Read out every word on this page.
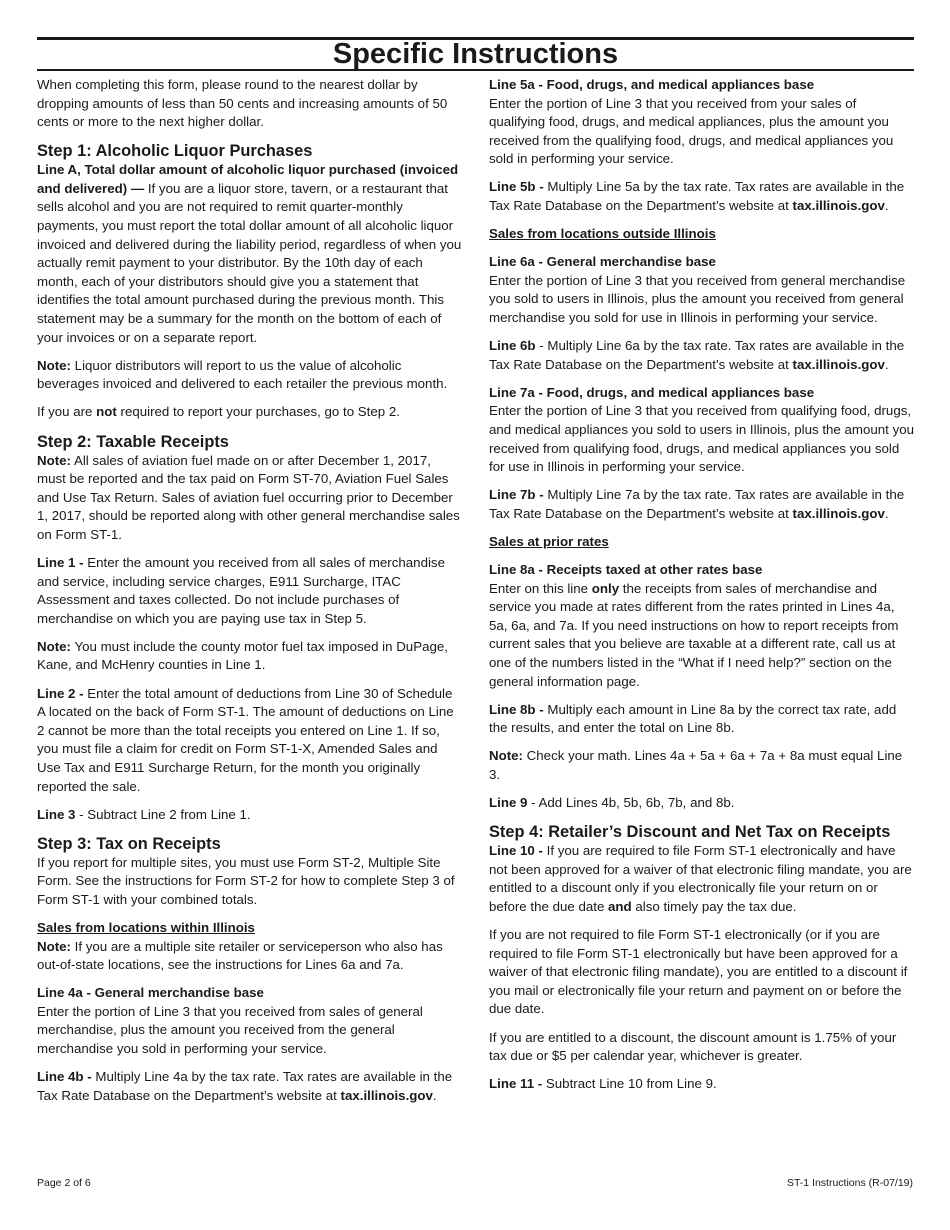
Specific Instructions

When completing this form, please round to the nearest dollar by dropping amounts of less than 50 cents and increasing amounts of 50 cents or more to the next higher dollar.

Step 1: Alcoholic Liquor Purchases

Line A, Total dollar amount of alcoholic liquor purchased (invoiced and delivered) — If you are a liquor store, tavern, or a restaurant that sells alcohol and you are not required to remit quarter-monthly payments, you must report the total dollar amount of all alcoholic liquor invoiced and delivered during the liability period, regardless of when you actually remit payment to your distributor. By the 10th day of each month, each of your distributors should give you a statement that identifies the total amount purchased during the previous month. This statement may be a summary for the month on the bottom of each of your invoices or on a separate report.

Note: Liquor distributors will report to us the value of alcoholic beverages invoiced and delivered to each retailer the previous month.

If you are not required to report your purchases, go to Step 2.

Step 2: Taxable Receipts

Note: All sales of aviation fuel made on or after December 1, 2017, must be reported and the tax paid on Form ST-70, Aviation Fuel Sales and Use Tax Return. Sales of aviation fuel occurring prior to December 1, 2017, should be reported along with other general merchandise sales on Form ST-1.

Line 1 - Enter the amount you received from all sales of merchandise and service, including service charges, E911 Surcharge, ITAC Assessment and taxes collected. Do not include purchases of merchandise on which you are paying use tax in Step 5.

Note: You must include the county motor fuel tax imposed in DuPage, Kane, and McHenry counties in Line 1.

Line 2 - Enter the total amount of deductions from Line 30 of Schedule A located on the back of Form ST-1. The amount of deductions on Line 2 cannot be more than the total receipts you entered on Line 1. If so, you must file a claim for credit on Form ST-1-X, Amended Sales and Use Tax and E911 Surcharge Return, for the month you originally reported the sale.

Line 3 - Subtract Line 2 from Line 1.

Step 3: Tax on Receipts

If you report for multiple sites, you must use Form ST-2, Multiple Site Form. See the instructions for Form ST-2 for how to complete Step 3 of Form ST-1 with your combined totals.

Sales from locations within Illinois

Note: If you are a multiple site retailer or serviceperson who also has out-of-state locations, see the instructions for Lines 6a and 7a.

Line 4a - General merchandise base

Enter the portion of Line 3 that you received from sales of general merchandise, plus the amount you received from the general merchandise you sold in performing your service.

Line 4b - Multiply Line 4a by the tax rate. Tax rates are available in the Tax Rate Database on the Department’s website at tax.illinois.gov.

Line 5a - Food, drugs, and medical appliances base

Enter the portion of Line 3 that you received from your sales of qualifying food, drugs, and medical appliances, plus the amount you received from the qualifying food, drugs, and medical appliances you sold in performing your service.

Line 5b - Multiply Line 5a by the tax rate. Tax rates are available in the Tax Rate Database on the Department’s website at tax.illinois.gov.

Sales from locations outside Illinois
Line 6a - General merchandise base

Enter the portion of Line 3 that you received from general merchandise you sold to users in Illinois, plus the amount you received from general merchandise you sold for use in Illinois in performing your service.

Line 6b - Multiply Line 6a by the tax rate. Tax rates are available in the Tax Rate Database on the Department’s website at tax.illinois.gov.

Line 7a - Food, drugs, and medical appliances base

Enter the portion of Line 3 that you received from qualifying food, drugs, and medical appliances you sold to users in Illinois, plus the amount you received from qualifying food, drugs, and medical appliances you sold for use in Illinois in performing your service.

Line 7b - Multiply Line 7a by the tax rate. Tax rates are available in the Tax Rate Database on the Department’s website at tax.illinois.gov.

Sales at prior rates
Line 8a - Receipts taxed at other rates base

Enter on this line only the receipts from sales of merchandise and service you made at rates different from the rates printed in Lines 4a, 5a, 6a, and 7a. If you need instructions on how to report receipts from current sales that you believe are taxable at a different rate, call us at one of the numbers listed in the “What if I need help?” section on the general information page.

Line 8b - Multiply each amount in Line 8a by the correct tax rate, add the results, and enter the total on Line 8b.

Note: Check your math. Lines 4a + 5a + 6a + 7a + 8a must equal Line 3.

Line 9 - Add Lines 4b, 5b, 6b, 7b, and 8b.

Step 4: Retailer’s Discount and Net Tax on Receipts

Line 10 - If you are required to file Form ST-1 electronically and have not been approved for a waiver of that electronic filing mandate, you are entitled to a discount only if you electronically file your return on or before the due date and also timely pay the tax due.

If you are not required to file Form ST-1 electronically (or if you are required to file Form ST-1 electronically but have been approved for a waiver of that electronic filing mandate), you are entitled to a discount if you mail or electronically file your return and payment on or before the due date.

If you are entitled to a discount, the discount amount is 1.75% of your tax due or $5 per calendar year, whichever is greater.

Line 11 - Subtract Line 10 from Line 9.

Page 2 of 6	ST-1 Instructions (R-07/19)
